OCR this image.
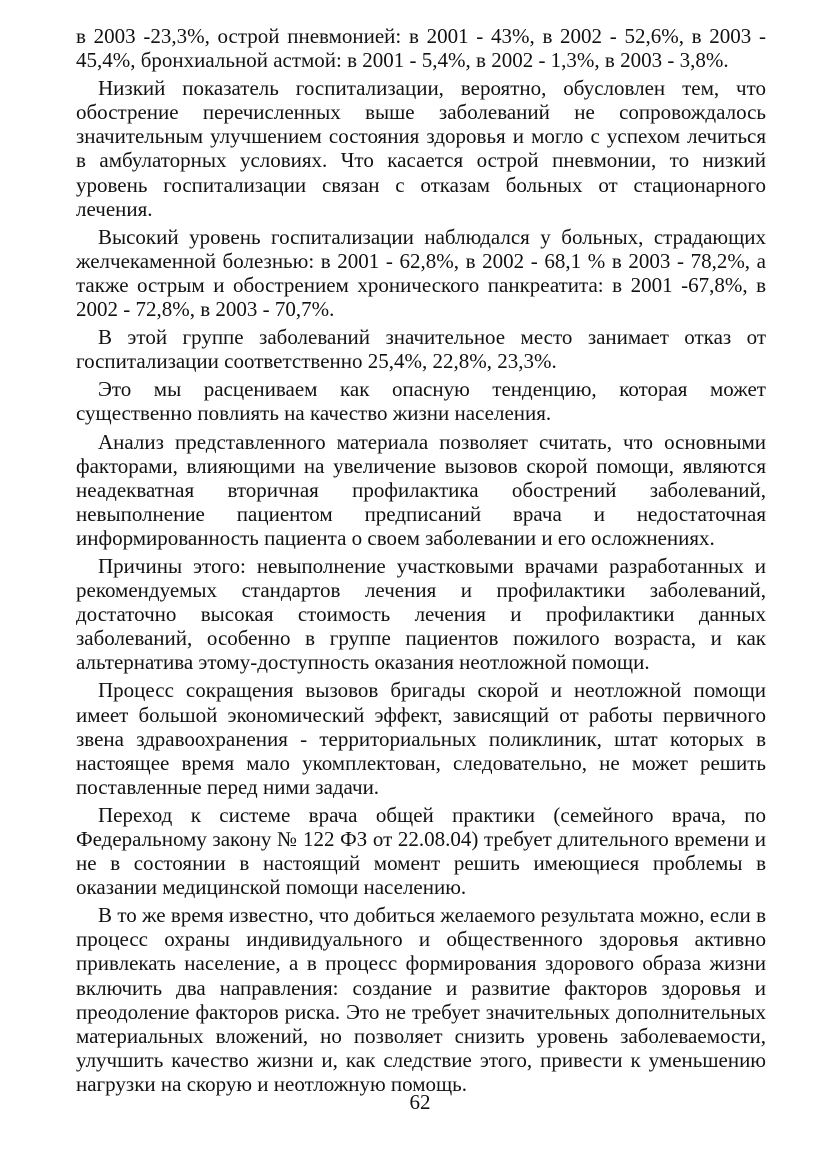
в 2003 -23,3%, острой пневмонией: в 2001 - 43%, в 2002 - 52,6%, в 2003 - 45,4%, бронхиальной астмой: в 2001 - 5,4%, в 2002 - 1,3%, в 2003 - 3,8%.

Низкий показатель госпитализации, вероятно, обусловлен тем, что обострение перечисленных выше заболеваний не сопровождалось значительным улучшением состояния здоровья и могло с успехом лечиться в амбулаторных условиях. Что касается острой пневмонии, то низкий уровень госпитализации связан с отказам больных от стационарного лечения.

Высокий уровень госпитализации наблюдался у больных, страдающих желчекаменной болезнью: в 2001 - 62,8%, в 2002 - 68,1 % в 2003 - 78,2%, а также острым и обострением хронического панкреатита: в 2001 -67,8%, в 2002 - 72,8%, в 2003 - 70,7%.

В этой группе заболеваний значительное место занимает отказ от госпитализации соответственно 25,4%, 22,8%, 23,3%.

Это мы расцениваем как опасную тенденцию, которая может существенно повлиять на качество жизни населения.

Анализ представленного материала позволяет считать, что основными факторами, влияющими на увеличение вызовов скорой помощи, являются неадекватная вторичная профилактика обострений заболеваний, невыполнение пациентом предписаний врача и недостаточная информированность пациента о своем заболевании и его осложнениях.

Причины этого: невыполнение участковыми врачами разработанных и рекомендуемых стандартов лечения и профилактики заболеваний, достаточно высокая стоимость лечения и профилактики данных заболеваний, особенно в группе пациентов пожилого возраста, и как альтернатива этому-доступность оказания неотложной помощи.

Процесс сокращения вызовов бригады скорой и неотложной помощи имеет большой экономический эффект, зависящий от работы первичного звена здравоохранения - территориальных поликлиник, штат которых в настоящее время мало укомплектован, следовательно, не может решить поставленные перед ними задачи.

Переход к системе врача общей практики (семейного врача, по Федеральному закону № 122 ФЗ от 22.08.04) требует длительного времени и не в состоянии в настоящий момент решить имеющиеся проблемы в оказании медицинской помощи населению.

В то же время известно, что добиться желаемого результата можно, если в процесс охраны индивидуального и общественного здоровья активно привлекать население, а в процесс формирования здорового образа жизни включить два направления: создание и развитие факторов здоровья и преодоление факторов риска. Это не требует значительных дополнительных материальных вложений, но позволяет снизить уровень заболеваемости, улучшить качество жизни и, как следствие этого, привести к уменьшению нагрузки на скорую и неотложную помощь.

62
